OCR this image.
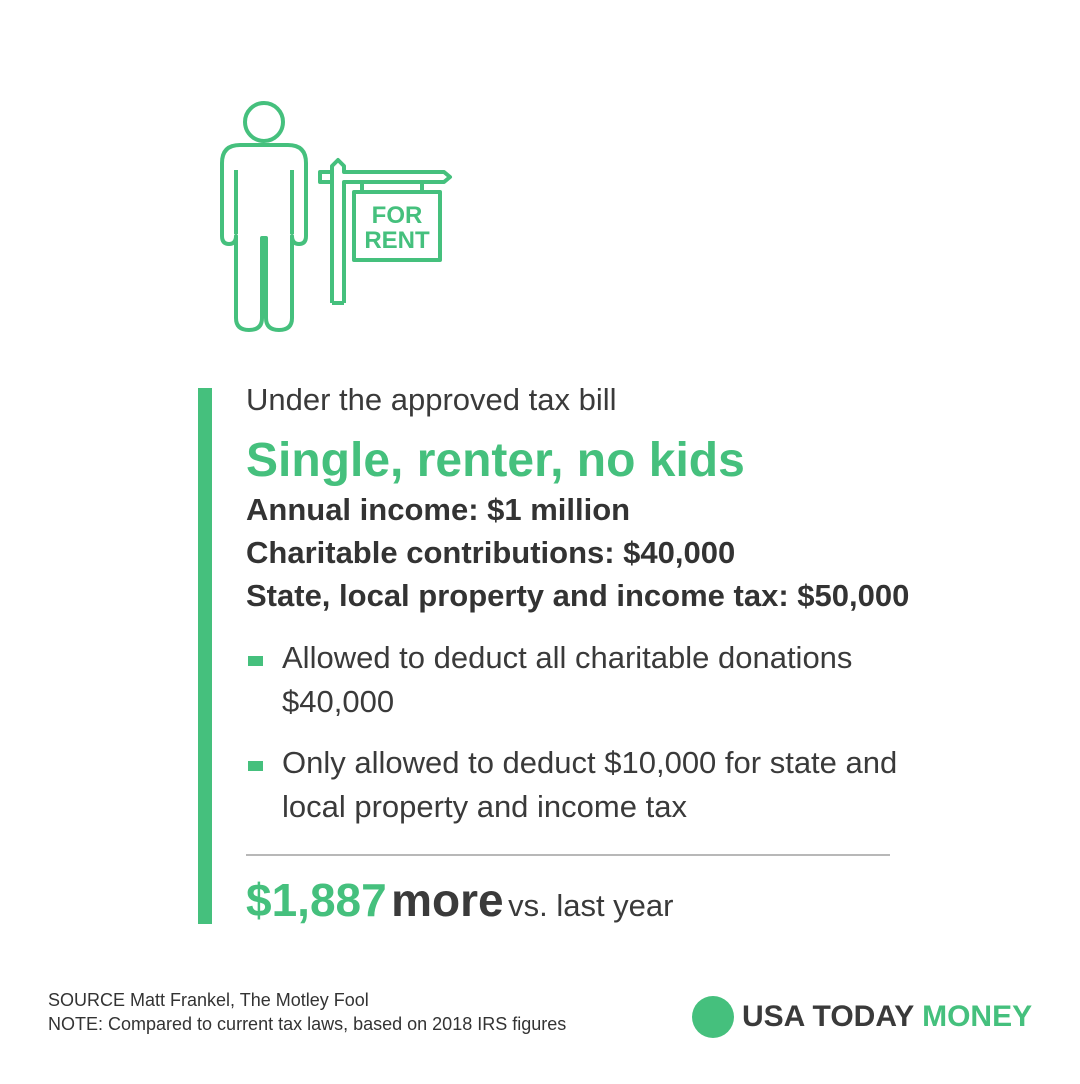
FOR
RENT
Under the approved tax bill
Single, renter, no kids
Annual income: $1 million
Charitable contributions: $40,000
State, local property and income tax: $50,000
Allowed to deduct all charitable donations $40,000
Only allowed to deduct $10,000 for state and local property and income tax
$1,887 more vs. last year
SOURCE Matt Frankel, The Motley Fool
NOTE: Compared to current tax laws, based on 2018 IRS figures	USA TODAY MONEY
